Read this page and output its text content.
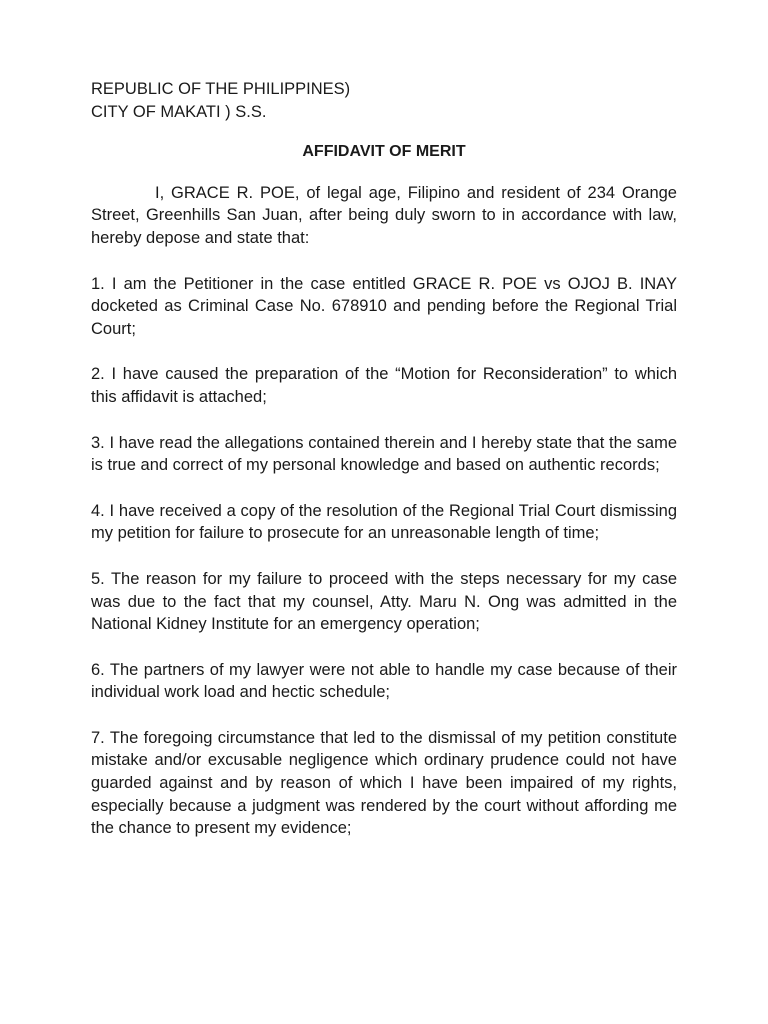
REPUBLIC OF THE PHILIPPINES)

CITY OF MAKATI ) S.S.

AFFIDAVIT OF MERIT

I, GRACE R. POE, of legal age, Filipino and resident of 234 Orange Street, Greenhills San Juan, after being duly sworn to in accordance with law, hereby depose and state that:

1. I am the Petitioner in the case entitled GRACE R. POE vs OJOJ B. INAY docketed as Criminal Case No. 678910 and pending before the Regional Trial Court;

2. I have caused the preparation of the “Motion for Reconsideration” to which this affidavit is attached;

3. I have read the allegations contained therein and I hereby state that the same is true and correct of my personal knowledge and based on authentic records;

4. I have received a copy of the resolution of the Regional Trial Court dismissing my petition for failure to prosecute for an unreasonable length of time;

5. The reason for my failure to proceed with the steps necessary for my case was due to the fact that my counsel, Atty. Maru N. Ong was admitted in the National Kidney Institute for an emergency operation;

6. The partners of my lawyer were not able to handle my case because of their individual work load and hectic schedule;

7. The foregoing circumstance that led to the dismissal of my petition constitute mistake and/or excusable negligence which ordinary prudence could not have guarded against and by reason of which I have been impaired of my rights, especially because a judgment was rendered by the court without affording me the chance to present my evidence;
